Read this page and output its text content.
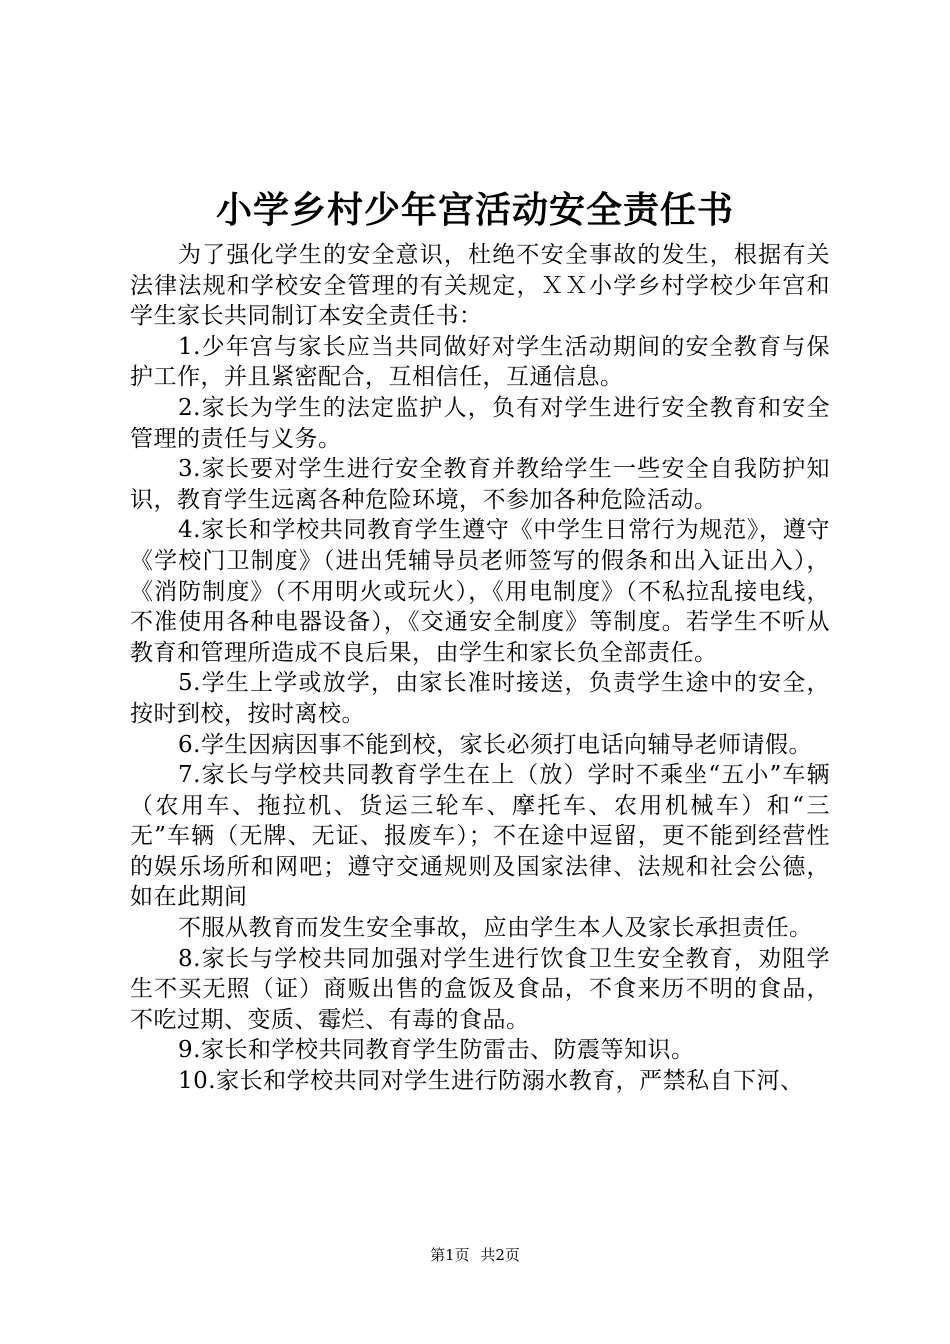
小学乡村少年宫活动安全责任书

为了强化学生的安全意识，杜绝不安全事故的发生，根据有关法律法规和学校安全管理的有关规定，ＸＸ小学乡村学校少年宫和学生家长共同制订本安全责任书：

1.少年宫与家长应当共同做好对学生活动期间的安全教育与保护工作，并且紧密配合，互相信任，互通信息。

2.家长为学生的法定监护人，负有对学生进行安全教育和安全管理的责任与义务。

3.家长要对学生进行安全教育并教给学生一些安全自我防护知识，教育学生远离各种危险环境，不参加各种危险活动。

4.家长和学校共同教育学生遵守《中学生日常行为规范》，遵守《学校门卫制度》（进出凭辅导员老师签写的假条和出入证出入），《消防制度》（不用明火或玩火），《用电制度》（不私拉乱接电线，不准使用各种电器设备），《交通安全制度》等制度。若学生不听从教育和管理所造成不良后果，由学生和家长负全部责任。

5.学生上学或放学，由家长准时接送，负责学生途中的安全，按时到校，按时离校。

6.学生因病因事不能到校，家长必须打电话向辅导老师请假。

7.家长与学校共同教育学生在上（放）学时不乘坐“五小”车辆（农用车、拖拉机、货运三轮车、摩托车、农用机械车）和“三无”车辆（无牌、无证、报废车）；不在途中逗留，更不能到经营性的娱乐场所和网吧；遵守交通规则及国家法律、法规和社会公德，如在此期间

不服从教育而发生安全事故，应由学生本人及家长承担责任。

8.家长与学校共同加强对学生进行饮食卫生安全教育，劝阻学生不买无照（证）商贩出售的盒饭及食品，不食来历不明的食品，不吃过期、变质、霉烂、有毒的食品。

9.家长和学校共同教育学生防雷击、防震等知识。

10.家长和学校共同对学生进行防溺水教育，严禁私自下河、

第1页 共2页
